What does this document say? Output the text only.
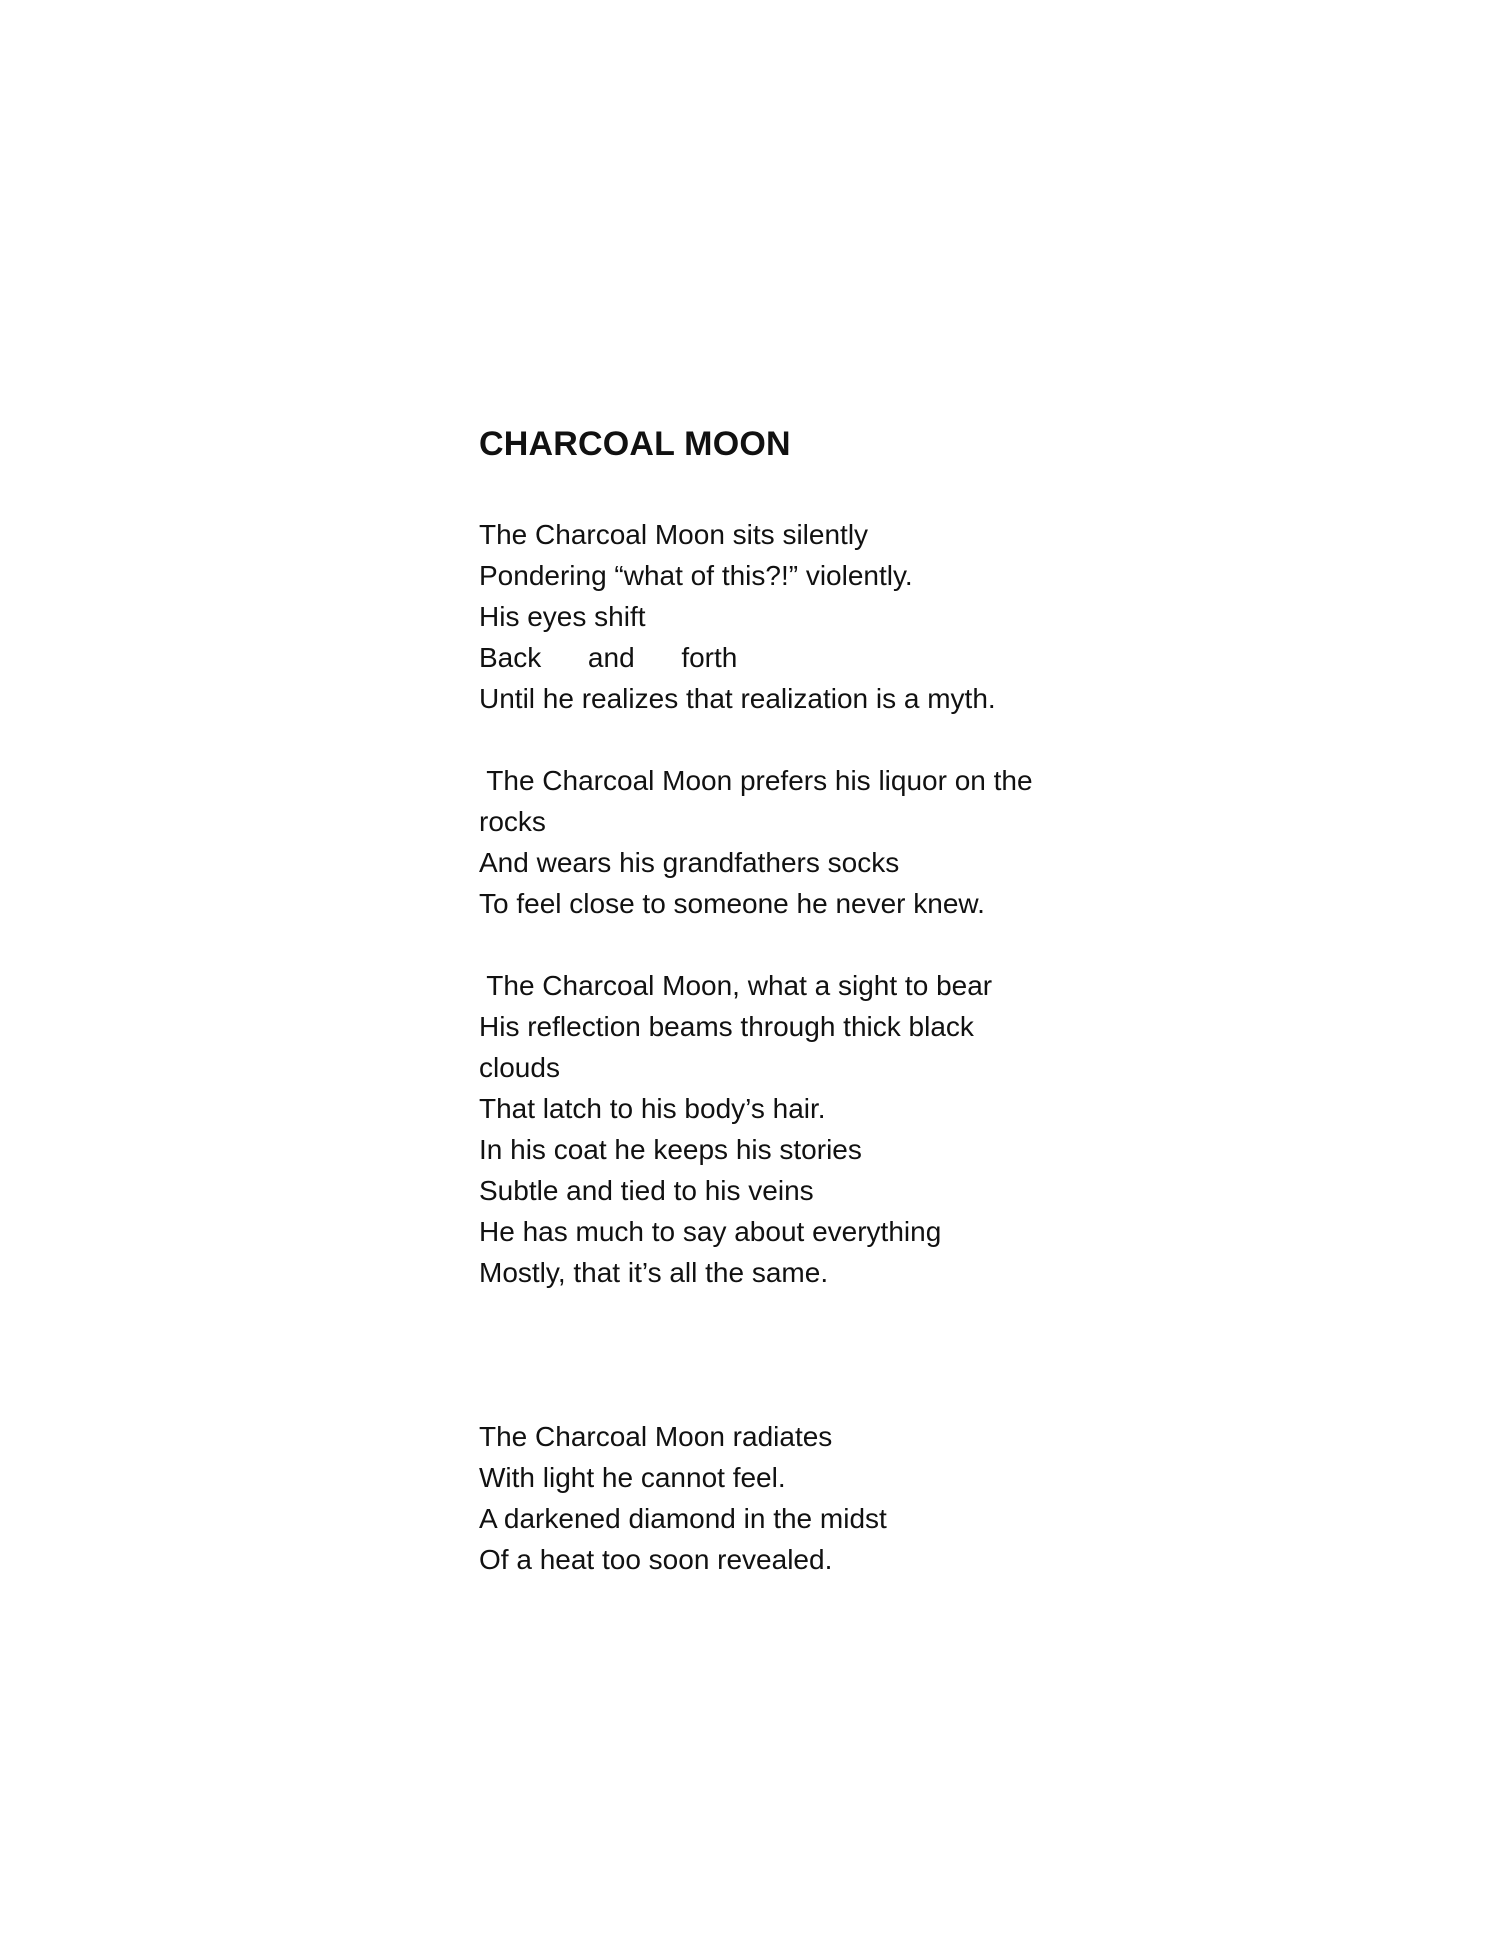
CHARCOAL MOON
The Charcoal Moon sits silently
Pondering “what of this?!” violently.
His eyes shift
Back      and      forth
Until he realizes that realization is a myth.
The Charcoal Moon prefers his liquor on the
rocks
And wears his grandfathers socks
To feel close to someone he never knew.
The Charcoal Moon, what a sight to bear
His reflection beams through thick black
clouds
That latch to his body’s hair.
In his coat he keeps his stories
Subtle and tied to his veins
He has much to say about everything
Mostly, that it’s all the same.
The Charcoal Moon radiates
With light he cannot feel.
A darkened diamond in the midst
Of a heat too soon revealed.
